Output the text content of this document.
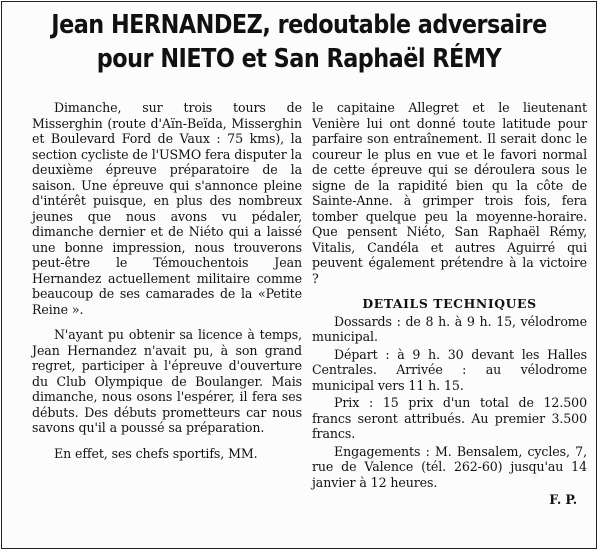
Jean HERNANDEZ, redoutable adversaire
pour NIETO et San Raphaël RÉMY

Dimanche, sur trois tours de Misserghin (route d'Aïn-Beïda, Misserghin et Boulevard Ford de Vaux : 75 kms), la section cycliste de l'USMO fera disputer la deuxième épreuve préparatoire de la saison. Une épreuve qui s'annonce pleine d'intérêt puisque, en plus des nombreux jeunes que nous avons vu pédaler, dimanche dernier et de Niéto qui a laissé une bonne impression, nous trouverons peut-être le Témouchentois Jean Hernandez actuellement militaire comme beaucoup de ses camarades de la «Petite Reine ».

N'ayant pu obtenir sa licence à temps, Jean Hernandez n'avait pu, à son grand regret, participer à l'épreuve d'ouverture du Club Olympique de Boulanger. Mais dimanche, nous osons l'espérer, il fera ses débuts. Des débuts prometteurs car nous savons qu'il a poussé sa préparation.

En effet, ses chefs sportifs, MM.

le capitaine Allegret et le lieutenant Venière lui ont donné toute latitude pour parfaire son entraînement. Il serait donc le coureur le plus en vue et le favori normal de cette épreuve qui se déroulera sous le signe de la rapidité bien qu la côte de Sainte-Anne. à grimper trois fois, fera tomber quelque peu la moyenne-horaire. Que pensent Niéto, San Raphaël Rémy, Vitalis, Candéla et autres Aguirré qui peuvent également prétendre à la victoire ?

DETAILS TECHNIQUES

Dossards : de 8 h. à 9 h. 15, vélodrome municipal.

Départ : à 9 h. 30 devant les Halles Centrales. Arrivée : au vélodrome municipal vers 11 h. 15.

Prix : 15 prix d'un total de 12.500 francs seront attribués. Au premier 3.500 francs.

Engagements : M. Bensalem, cycles, 7, rue de Valence (tél. 262-60) jusqu'au 14 janvier à 12 heures.

F. P.
